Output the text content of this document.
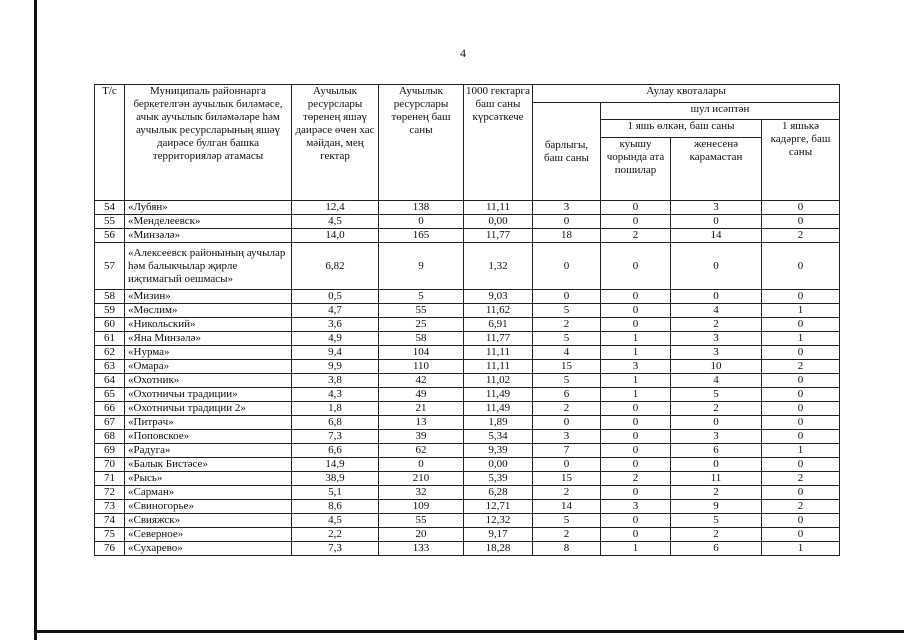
4
Т/с	Муниципаль районнарга беркетелгән аучылык биләмәсе, ачык аучылык биләмәләре һәм аучылык ресурсларының яшәү даирәсе булган башка территорияләр атамасы	Аучылык ресурслары төренең яшәү даирәсе өчен хас мәйдан, мең гектар	Аучылык ресурслары төренең баш саны	1000 гектарга баш саны күрсәткече	Аулау квоталары			
					барлыгы, баш саны	шул исәптән		
						1 яшь өлкән, баш саны		1 яшькә кадәрге, баш саны
						куышу чорында ата пошилар	женесенә карамастан	
54	«Лубян»	12,4	138	11,11	3	0	3	0
55	«Менделеевск»	4,5	0	0,00	0	0	0	0
56	«Минзәлә»	14,0	165	11,77	18	2	14	2
57	«Алексеевск районының аучылар һәм балыкчылар җирле иҗтимагый оешмасы»	6,82	9	1,32	0	0	0	0
58	«Мизин»	0,5	5	9,03	0	0	0	0
59	«Мөслим»	4,7	55	11,62	5	0	4	1
60	«Никольский»	3,6	25	6,91	2	0	2	0
61	«Яна Минзәлә»	4,9	58	11,77	5	1	3	1
62	«Нурма»	9,4	104	11,11	4	1	3	0
63	«Омара»	9,9	110	11,11	15	3	10	2
64	«Охотник»	3,8	42	11,02	5	1	4	0
65	«Охотничьи традиции»	4,3	49	11,49	6	1	5	0
66	«Охотничьи традиции 2»	1,8	21	11,49	2	0	2	0
67	«Питрәч»	6,8	13	1,89	0	0	0	0
68	«Поповское»	7,3	39	5,34	3	0	3	0
69	«Радуга»	6,6	62	9,39	7	0	6	1
70	«Балык Бистәсе»	14,9	0	0,00	0	0	0	0
71	«Рысь»	38,9	210	5,39	15	2	11	2
72	«Сарман»	5,1	32	6,28	2	0	2	0
73	«Свиногорье»	8,6	109	12,71	14	3	9	2
74	«Свияжск»	4,5	55	12,32	5	0	5	0
75	«Северное»	2,2	20	9,17	2	0	2	0
76	«Сухарево»	7,3	133	18,28	8	1	6	1
